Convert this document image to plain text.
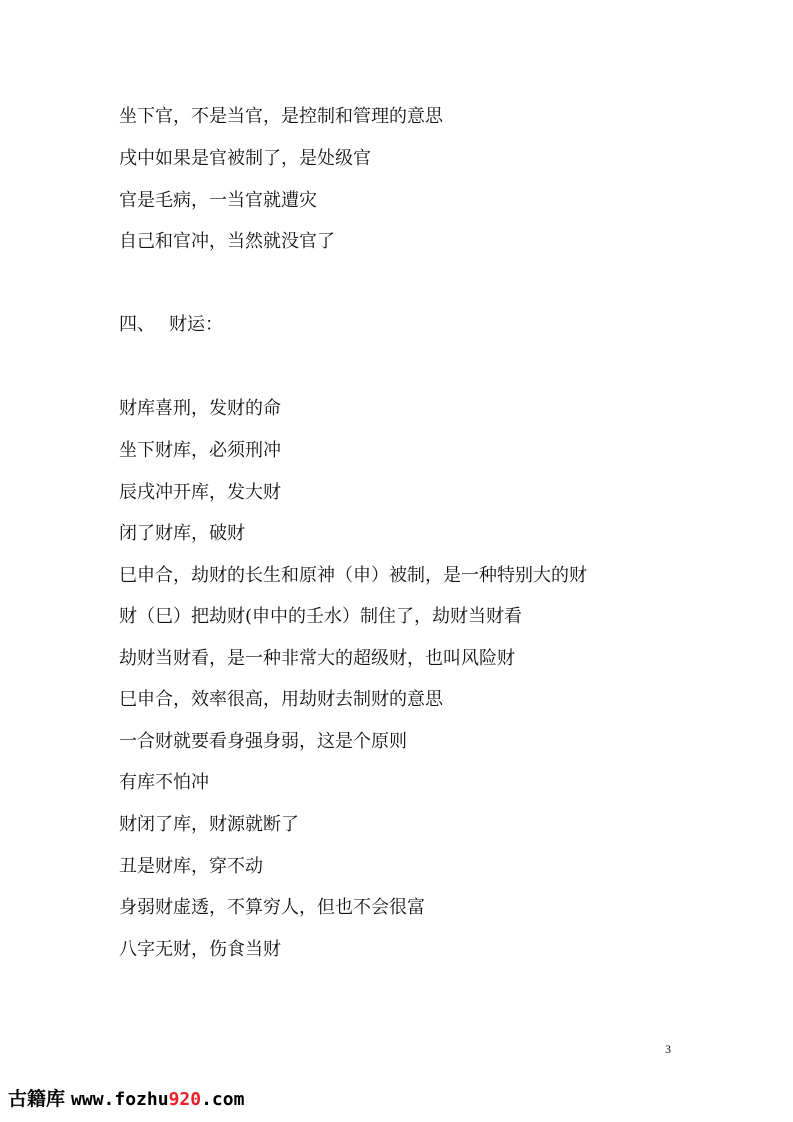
坐下官，不是当官，是控制和管理的意思
戌中如果是官被制了，是处级官
官是毛病，一当官就遭灾
自己和官冲，当然就没官了
四、 财运：
财库喜刑，发财的命
坐下财库，必须刑冲
辰戌冲开库，发大财
闭了财库，破财
巳申合，劫财的长生和原神（申）被制，是一种特别大的财
财（巳）把劫财(申中的壬水）制住了，劫财当财看
劫财当财看，是一种非常大的超级财，也叫风险财
巳申合，效率很高，用劫财去制财的意思
一合财就要看身强身弱，这是个原则
有库不怕冲
财闭了库，财源就断了
丑是财库，穿不动
身弱财虚透，不算穷人，但也不会很富
八字无财，伤食当财
3
古籍库 www.fozhu920.com
